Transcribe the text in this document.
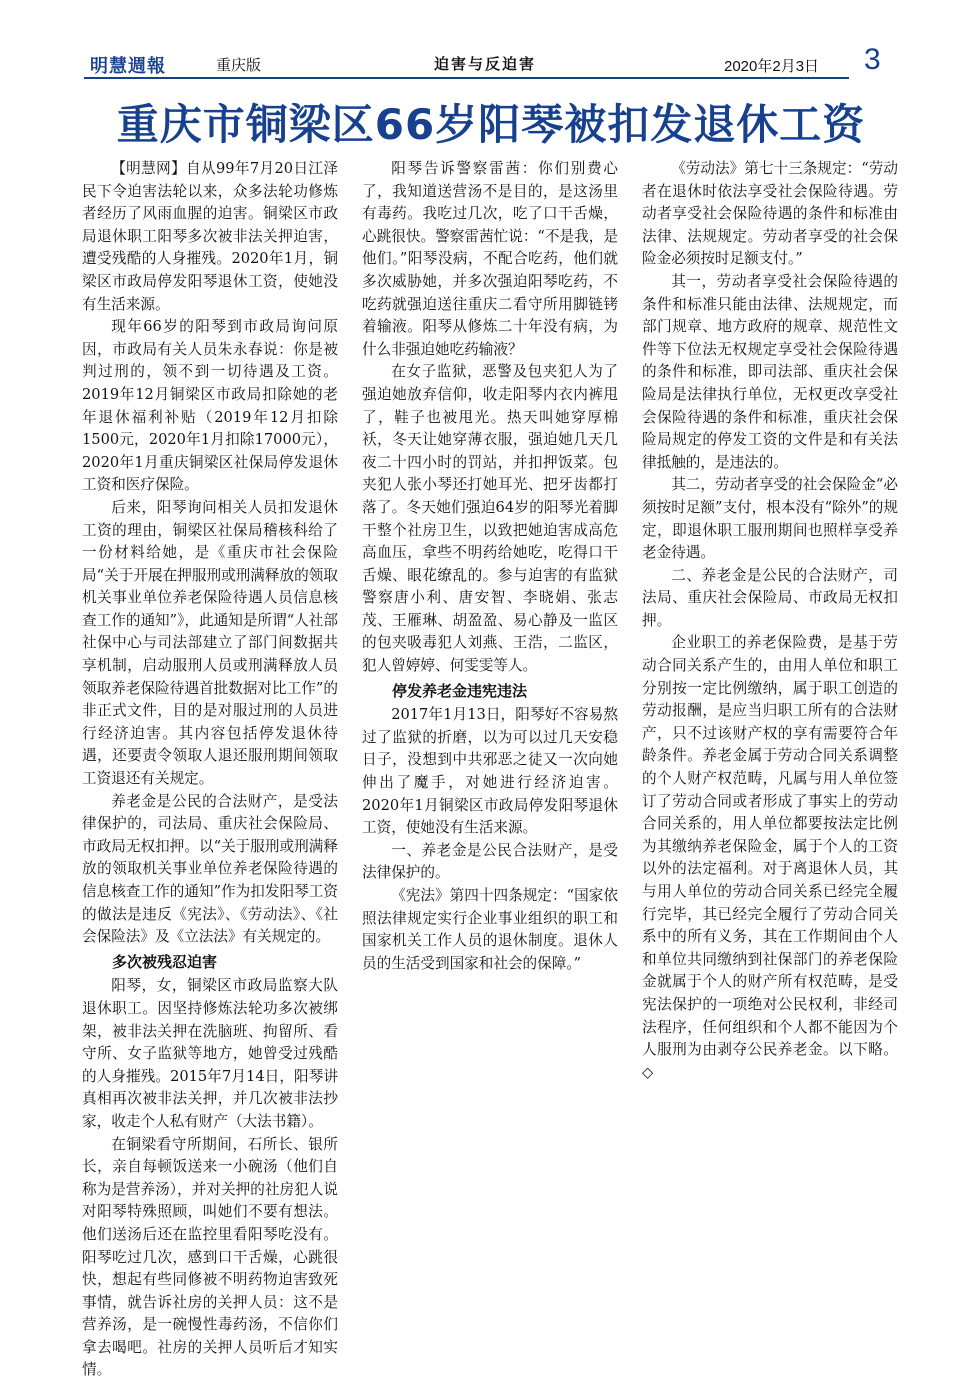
明慧週報	重庆版	迫害与反迫害	2020年2月3日 3
重庆市铜梁区66岁阳琴被扣发退休工资

【明慧网】自从99年7月20日江泽民下令迫害法轮以来，众多法轮功修炼者经历了风雨血腥的迫害。铜梁区市政局退休职工阳琴多次被非法关押迫害，遭受残酷的人身摧残。2020年1月，铜梁区市政局停发阳琴退休工资，使她没有生活来源。

现年66岁的阳琴到市政局询问原因，市政局有关人员朱永春说：你是被判过刑的，领不到一切待遇及工资。2019年12月铜梁区市政局扣除她的老年退休福利补贴（2019年12月扣除1500元，2020年1月扣除17000元），2020年1月重庆铜梁区社保局停发退休工资和医疗保险。

后来，阳琴询问相关人员扣发退休工资的理由，铜梁区社保局稽核科给了一份材料给她，是《重庆市社会保险局“关于开展在押服刑或刑满释放的领取机关事业单位养老保险待遇人员信息核查工作的通知”》，此通知是所谓“人社部社保中心与司法部建立了部门间数据共享机制，启动服刑人员或刑满释放人员领取养老保险待遇首批数据对比工作”的非正式文件，目的是对服过刑的人员进行经济迫害。其内容包括停发退休待遇，还要责令领取人退还服刑期间领取工资退还有关规定。

养老金是公民的合法财产，是受法律保护的，司法局、重庆社会保险局、市政局无权扣押。以“关于服刑或刑满释放的领取机关事业单位养老保险待遇的信息核查工作的通知”作为扣发阳琴工资的做法是违反《宪法》、《劳动法》、《社会保险法》及《立法法》有关规定的。

多次被残忍迫害

阳琴，女，铜梁区市政局监察大队退休职工。因坚持修炼法轮功多次被绑架，被非法关押在洗脑班、拘留所、看守所、女子监狱等地方，她曾受过残酷的人身摧残。2015年7月14日，阳琴讲真相再次被非法关押，并几次被非法抄家，收走个人私有财产（大法书籍）。

在铜梁看守所期间，石所长、银所长，亲自每顿饭送来一小碗汤（他们自称为是营养汤），并对关押的社房犯人说对阳琴特殊照顾，叫她们不要有想法。他们送汤后还在监控里看阳琴吃没有。阳琴吃过几次，感到口干舌燥，心跳很快，想起有些同修被不明药物迫害致死事情，就告诉社房的关押人员：这不是营养汤，是一碗慢性毒药汤，不信你们拿去喝吧。社房的关押人员听后才知实情。

阳琴告诉警察雷茜：你们别费心了，我知道送营汤不是目的，是这汤里有毒药。我吃过几次，吃了口干舌燥，心跳很快。警察雷茜忙说：“不是我，是他们。”阳琴没病，不配合吃药，他们就多次威胁她，并多次强迫阳琴吃药，不吃药就强迫送往重庆二看守所用脚链铐着输液。阳琴从修炼二十年没有病，为什么非强迫她吃药输液？

在女子监狱，恶警及包夹犯人为了强迫她放弃信仰，收走阳琴内衣内裤甩了，鞋子也被甩光。热天叫她穿厚棉袄，冬天让她穿薄衣服，强迫她几天几夜二十四小时的罚站，并扣押饭菜。包夹犯人张小琴还打她耳光、把牙齿都打落了。冬天她们强迫64岁的阳琴光着脚干整个社房卫生，以致把她迫害成高危高血压，拿些不明药给她吃，吃得口干舌燥、眼花缭乱的。参与迫害的有监狱警察唐小利、唐安智、李晓娟、张志茂、王雁琳、胡盈盈、易心静及一监区的包夹吸毒犯人刘燕、王浩，二监区，犯人曾婷婷、何雯雯等人。

停发养老金违宪违法

2017年1月13日，阳琴好不容易熬过了监狱的折磨，以为可以过几天安稳日子，没想到中共邪恶之徒又一次向她伸出了魔手，对她进行经济迫害。2020年1月铜梁区市政局停发阳琴退休工资，使她没有生活来源。

一、养老金是公民合法财产，是受法律保护的。

《宪法》第四十四条规定：“国家依照法律规定实行企业事业组织的职工和国家机关工作人员的退休制度。退休人员的生活受到国家和社会的保障。”

《劳动法》第七十三条规定：“劳动者在退休时依法享受社会保险待遇。劳动者享受社会保险待遇的条件和标准由法律、法规规定。劳动者享受的社会保险金必须按时足额支付。”

其一，劳动者享受社会保险待遇的条件和标准只能由法律、法规规定，而部门规章、地方政府的规章、规范性文件等下位法无权规定享受社会保险待遇的条件和标准，即司法部、重庆社会保险局是法律执行单位，无权更改享受社会保险待遇的条件和标准，重庆社会保险局规定的停发工资的文件是和有关法律抵触的，是违法的。

其二，劳动者享受的社会保险金“必须按时足额”支付，根本没有“除外”的规定，即退休职工服刑期间也照样享受养老金待遇。

二、养老金是公民的合法财产，司法局、重庆社会保险局、市政局无权扣押。

企业职工的养老保险费，是基于劳动合同关系产生的，由用人单位和职工分别按一定比例缴纳，属于职工创造的劳动报酬，是应当归职工所有的合法财产，只不过该财产权的享有需要符合年龄条件。养老金属于劳动合同关系调整的个人财产权范畴，凡属与用人单位签订了劳动合同或者形成了事实上的劳动合同关系的，用人单位都要按法定比例为其缴纳养老保险金，属于个人的工资以外的法定福利。对于离退休人员，其与用人单位的劳动合同关系已经完全履行完毕，其已经完全履行了劳动合同关系中的所有义务，其在工作期间由个人和单位共同缴纳到社保部门的养老保险金就属于个人的财产所有权范畴，是受宪法保护的一项绝对公民权利，非经司法程序，任何组织和个人都不能因为个人服刑为由剥夺公民养老金。以下略。◇
